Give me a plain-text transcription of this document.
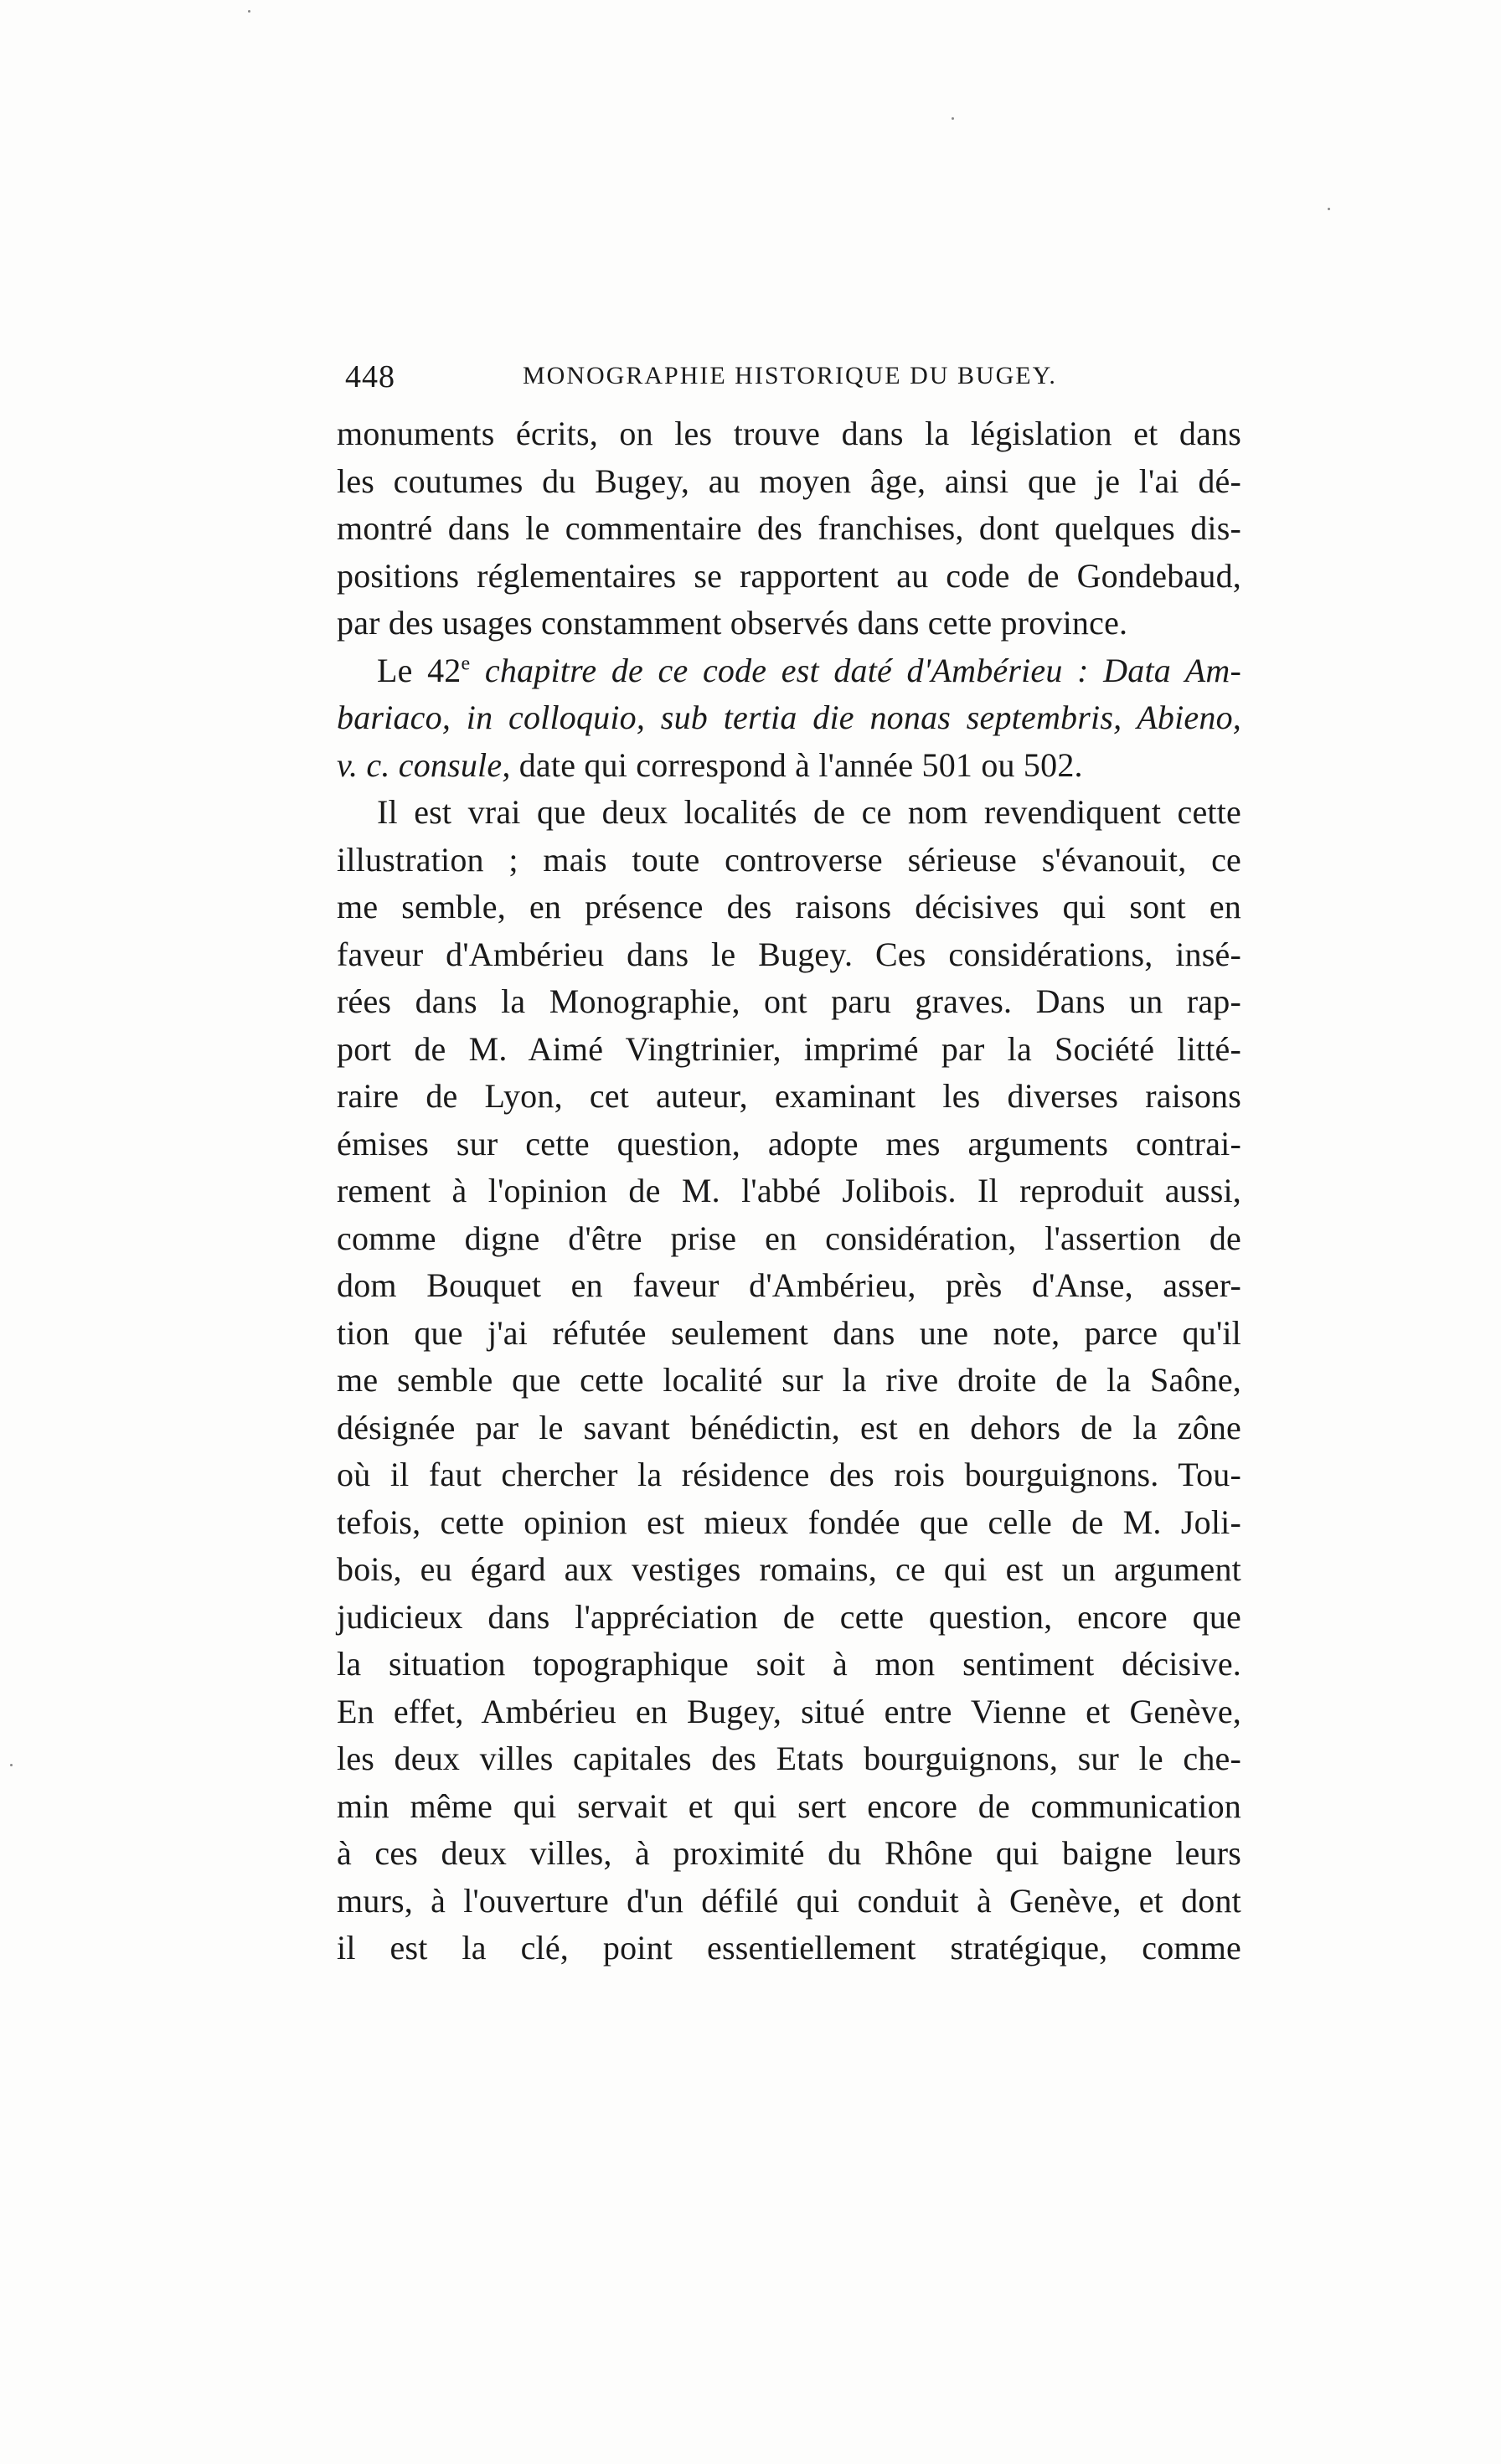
448	MONOGRAPHIE HISTORIQUE DU BUGEY.
monuments écrits, on les trouve dans la législation et dans
les coutumes du Bugey, au moyen âge, ainsi que je l'ai dé-
montré dans le commentaire des franchises, dont quelques dis-
positions réglementaires se rapportent au code de Gondebaud,
par des usages constamment observés dans cette province.
Le 42e chapitre de ce code est daté d'Ambérieu : Data Am-
bariaco, in colloquio, sub tertia die nonas septembris, Abieno,
v. c. consule, date qui correspond à l'année 501 ou 502.
Il est vrai que deux localités de ce nom revendiquent cette
illustration ; mais toute controverse sérieuse s'évanouit, ce
me semble, en présence des raisons décisives qui sont en
faveur d'Ambérieu dans le Bugey. Ces considérations, insé-
rées dans la Monographie, ont paru graves. Dans un rap-
port de M. Aimé Vingtrinier, imprimé par la Société litté-
raire de Lyon, cet auteur, examinant les diverses raisons
émises sur cette question, adopte mes arguments contrai-
rement à l'opinion de M. l'abbé Jolibois. Il reproduit aussi,
comme digne d'être prise en considération, l'assertion de
dom Bouquet en faveur d'Ambérieu, près d'Anse, asser-
tion que j'ai réfutée seulement dans une note, parce qu'il
me semble que cette localité sur la rive droite de la Saône,
désignée par le savant bénédictin, est en dehors de la zône
où il faut chercher la résidence des rois bourguignons. Tou-
tefois, cette opinion est mieux fondée que celle de M. Joli-
bois, eu égard aux vestiges romains, ce qui est un argument
judicieux dans l'appréciation de cette question, encore que
la situation topographique soit à mon sentiment décisive.
En effet, Ambérieu en Bugey, situé entre Vienne et Genève,
les deux villes capitales des Etats bourguignons, sur le che-
min même qui servait et qui sert encore de communication
à ces deux villes, à proximité du Rhône qui baigne leurs
murs, à l'ouverture d'un défilé qui conduit à Genève, et dont
il est la clé, point essentiellement stratégique, comme
